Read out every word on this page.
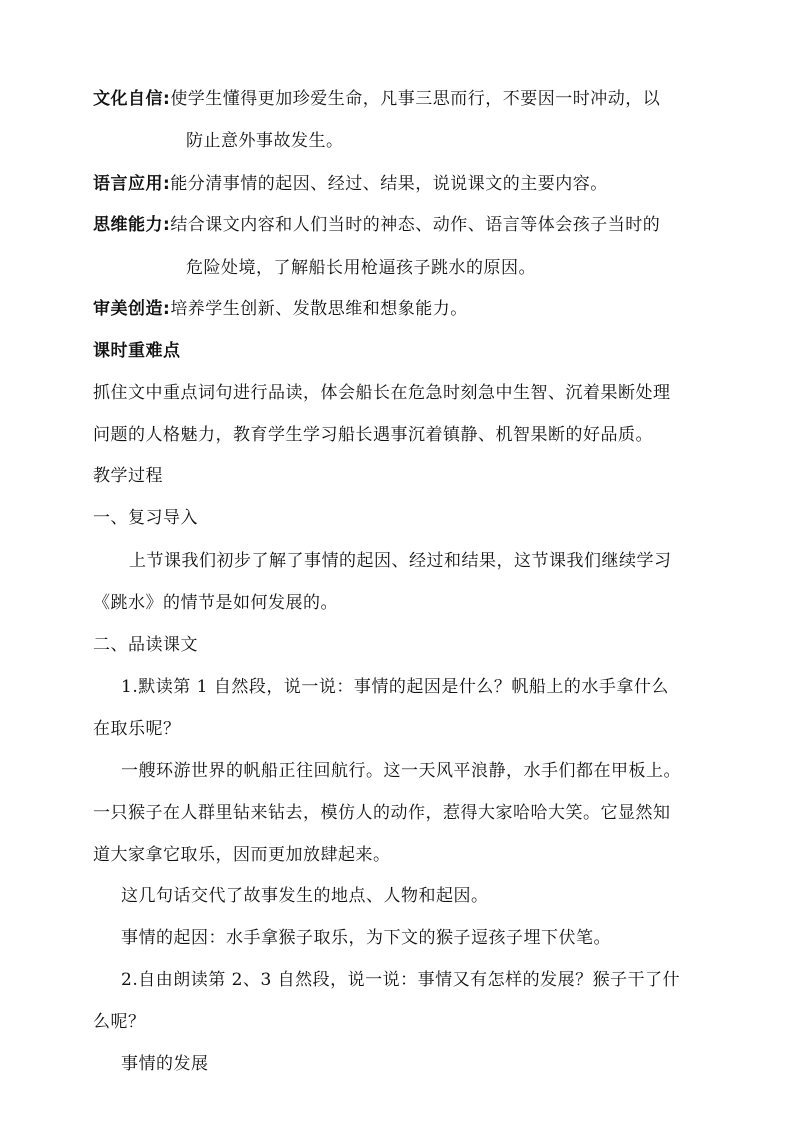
文化自信:使学生懂得更加珍爱生命，凡事三思而行，不要因一时冲动，以
防止意外事故发生。
语言应用:能分清事情的起因、经过、结果，说说课文的主要内容。
思维能力:结合课文内容和人们当时的神态、动作、语言等体会孩子当时的
危险处境，了解船长用枪逼孩子跳水的原因。
审美创造:培养学生创新、发散思维和想象能力。
课时重难点
抓住文中重点词句进行品读，体会船长在危急时刻急中生智、沉着果断处理
问题的人格魅力，教育学生学习船长遇事沉着镇静、机智果断的好品质。
教学过程
一、复习导入
上节课我们初步了解了事情的起因、经过和结果，这节课我们继续学习
《跳水》的情节是如何发展的。
二、品读课文
1.默读第 1 自然段，说一说：事情的起因是什么？帆船上的水手拿什么
在取乐呢？
一艘环游世界的帆船正往回航行。这一天风平浪静，水手们都在甲板上。
一只猴子在人群里钻来钻去，模仿人的动作，惹得大家哈哈大笑。它显然知
道大家拿它取乐，因而更加放肆起来。
这几句话交代了故事发生的地点、人物和起因。
事情的起因：水手拿猴子取乐，为下文的猴子逗孩子埋下伏笔。
2.自由朗读第 2、3 自然段，说一说：事情又有怎样的发展？猴子干了什
么呢？
事情的发展
